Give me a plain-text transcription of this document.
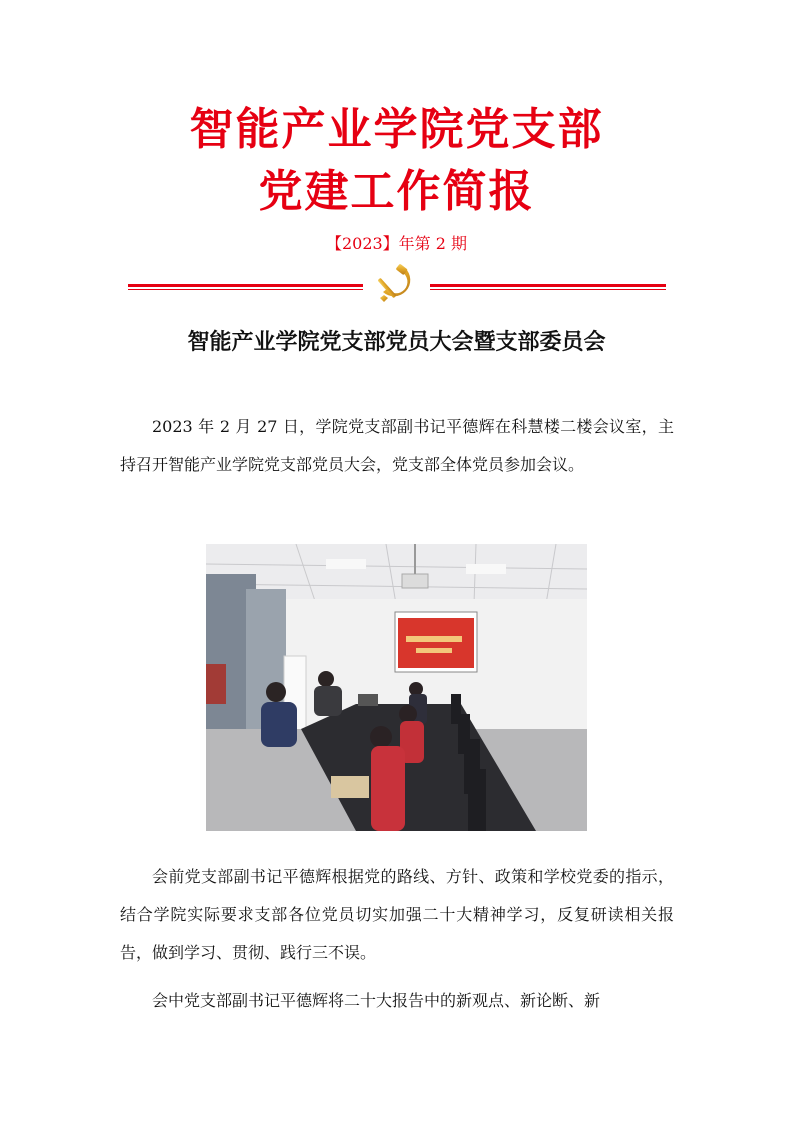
智能产业学院党支部
党建工作简报
【2023】年第 2 期
智能产业学院党支部党员大会暨支部委员会

2023 年 2 月 27 日，学院党支部副书记平德辉在科慧楼二楼会议室，主持召开智能产业学院党支部党员大会，党支部全体党员参加会议。

会前党支部副书记平德辉根据党的路线、方针、政策和学校党委的指示，结合学院实际要求支部各位党员切实加强二十大精神学习，反复研读相关报告，做到学习、贯彻、践行三不误。

会中党支部副书记平德辉将二十大报告中的新观点、新论断、新
